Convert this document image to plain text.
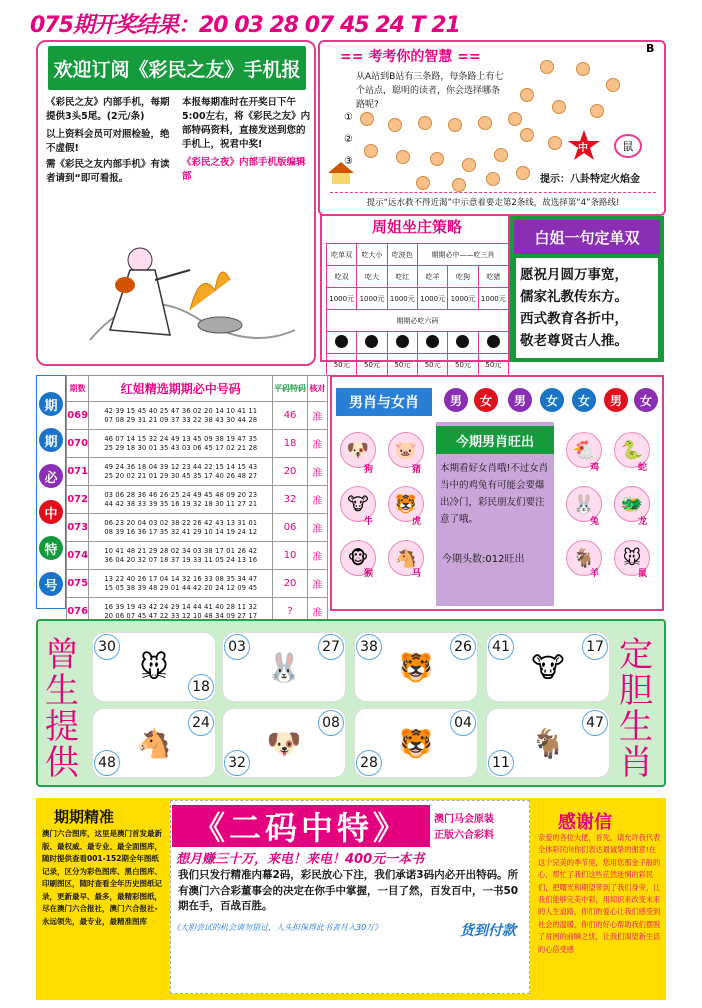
075期开奖结果：20 03 28 07 45 24 T 21
欢迎订阅《彩民之友》手机报
《彩民之友》内部手机，每期提供3头5尾。(2元/条)
以上资料会员可对照检验，绝不虚假!
需《彩民之友内部手机》有读者请到“即可看报。
本报每期准时在开奖日下午5:00左右，将《彩民之友》内部特码资料，直接发送到您的手机上，祝君中奖!
《彩民之夜》内部手机版编辑部
== 考考你的智慧 ==
B
从A站到B站有三条路，每条路上有七个站点，聪明的读者，你会选择哪条路呢?
①
②
③
中	鼠
提示：八卦特定火焰金
提示“远水救不得近渴”中示意着要走第2条线，故选择第“4”条路线!
周姐坐庄策略
吃单双	吃大小	吃波色	期期必中——吃三肖		
吃双	吃大	吃红	吃羊	吃狗	吃猪
1000元	1000元	1000元	1000元	1000元	1000元
期期必吃六码					

50元	50元	50元	50元	50元	50元
白姐一句定单双
愿祝月圆万事宽，
儒家礼教传东方。
西式教育各折中，
敬老尊贤古人推。
期
期
必
中
特
号
期数	红姐精选期期必中号码	平码特码	核对
069	42 39 15 45 40 25 47 36 02 20 14 10 41 11
07 08 29 31 21 09 37 33 22 38 43 30 44 28	46	准
070	46 07 14 15 32 24 49 13 45 09 38 19 47 35
25 29 18 30 01 35 43 03 06 45 17 02 21 28	18	准
071	49 24 36 18 04 39 12 23 44 22 15 14 15 43
25 20 02 21 01 29 30 45 35 17 40 26 48 27	20	准
072	03 06 28 36 46 26 25 24 49 45 48 09 20 23
44 42 38 33 39 35 16 19 32 18 30 11 27 21	32	准
073	06 23 20 04 03 02 38 22 26 42 43 13 31 01
08 39 16 36 17 35 32 41 29 10 14 19 24 12	06	准
074	10 41 48 21 29 28 02 34 03 38 17 01 26 42
36 04 20 32 07 18 37 19 33 11 05 24 13 16	10	准
075	13 22 40 26 17 04 14 32 16 33 08 35 34 47
15 05 38 39 48 29 01 44 42 20 24 12 09 45	20	准
076	16 39 19 43 42 24 29 14 44 41 40 28 11 32
20 06 07 45 47 22 33 12 10 48 34 09 27 17	?	准
男肖与女肖	男	女	男	女	女	男	女
今期男肖旺出
本期看好女肖哦!不过女肖当中的鸡兔有可能会要爆出冷门，彩民朋友们要注意了哦。
今期头数:012旺出
🐶
狗
🐷
猪
🐮
牛
🐯
虎
🐵
猴
🐴
马
🐔
鸡
🐍
蛇
🐰
兔
🐲
龙
🐐
羊
🐭
鼠
曾
生
提
供
定
胆
生
肖
期期精准
澳门六合图库，这里是澳门首发最新版、最权威、最专业、最全面图库，随时提供查看001-152期全年图纸记录，区分为彩色图库、黑白图库、印刷图区，随时查看全年历史图纸记录，更新最早、最多，最精彩图纸，尽在澳门六合报社，澳门六合报社-永远领先，最专业，最精准图库
《二码中特》	澳门马会原装
正版六合彩料
想月赚三十万，来电！来电！400元一本书
我们只发行精准内幕2码，彩民放心下注，我们承诺3码内必开出特码。所有澳门六合彩董事会的决定在你手中掌握，一目了然，百发百中，一书50期在手，百战百胜。
《大胆尝试的机会请勿错过，人头担保得此书者月入30万》	货到付款
感谢信
亲爱的各位大佬，首先，请允许我代表全体彩民向你们表达最诚挚的谢意!在这个完美的季节里，您用您那金子般的心，帮忙了我们这些茫然迷惘的彩民们，把曙光和期望带到了我们身旁，让我们能够完美中彩，用知识来改变未来的人生道路，你们的爱心让我们感受到社会的温暖，你们的好心帮助我们摆脱了贫困的前瞬之忧，让我们渴望新生活的心倍受感
30
18
🐭
03	27
🐰
38	26
🐯
41	17
🐮
24
48
🐴
32
08
🐶
28
04
🐯
11
47
🐐
